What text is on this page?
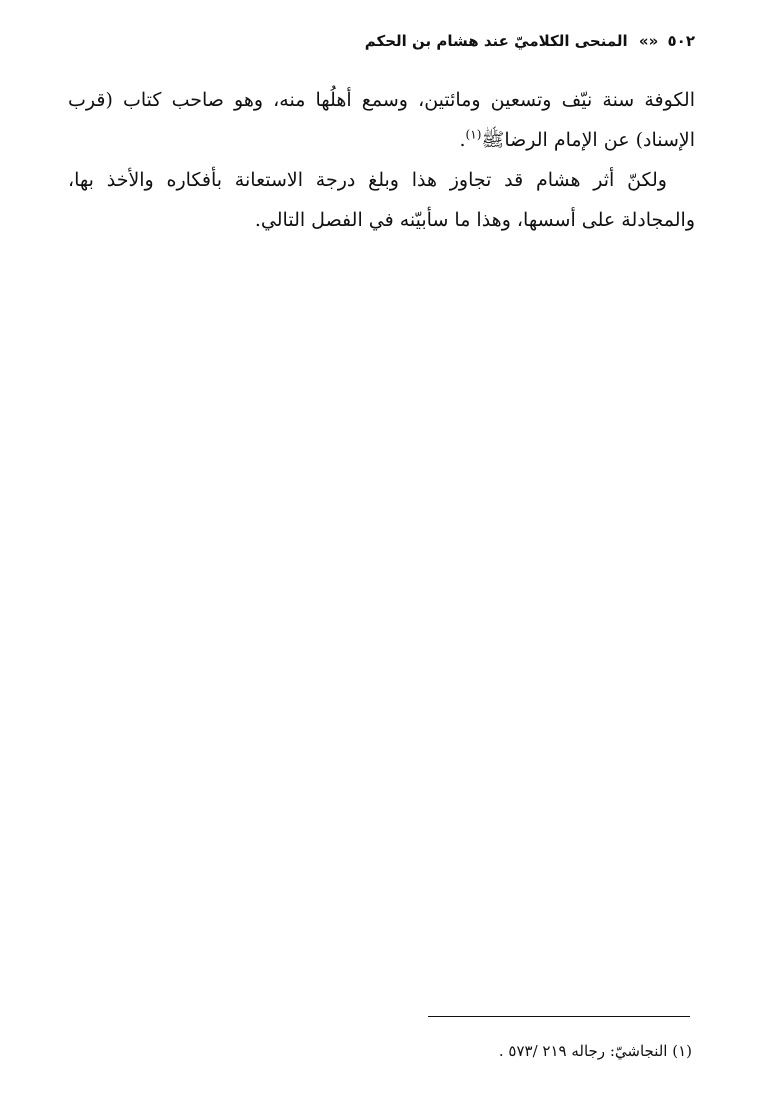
٥٠٢ «» المنحى الكلاميّ عند هشام بن الحكم

الكوفة سنة نيّف وتسعين ومائتين، وسمع أهلُها منه، وهو صاحب كتاب (قرب الإسناد) عن الإمام الرضاﷺ$^{(١)}$.

ولكنّ أثر هشام قد تجاوز هذا وبلغ درجة الاستعانة بأفكاره والأخذ بها، والمجادلة على أسسها، وهذا ما سأبيّنه في الفصل التالي.

(١) النجاشيّ: رجاله ٢١٩ /٥٧٣ .
